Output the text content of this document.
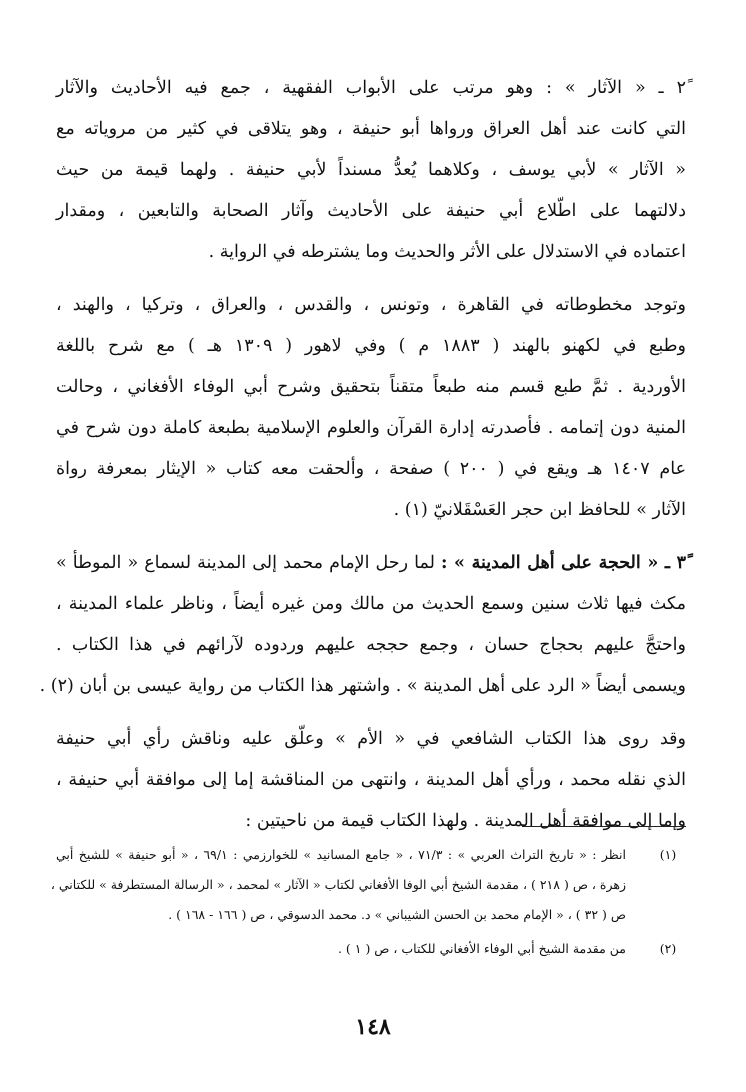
٢ً ـ « الآثار » : وهو مرتب على الأبواب الفقهية ، جمع فيه الأحاديث والآثار
التي كانت عند أهل العراق ورواها أبو حنيفة ، وهو يتلاقى في كثير من مروياته مع
« الآثار » لأبي يوسف ، وكلاهما يُعدُّ مسنداً لأبي حنيفة . ولهما قيمة من حيث
دلالتهما على اطّلاع أبي حنيفة على الأحاديث وآثار الصحابة والتابعين ، ومقدار
اعتماده في الاستدلال على الأثر والحديث وما يشترطه في الرواية .
وتوجد مخطوطاته في القاهرة ، وتونس ، والقدس ، والعراق ، وتركيا ، والهند ،
وطبع في لكهنو بالهند ( ١٨٨٣ م ) وفي لاهور ( ١٣٠٩ هـ ) مع شرح باللغة
الأوردية . ثمَّ طبع قسم منه طبعاً متقناً بتحقيق وشرح أبي الوفاء الأفغاني ، وحالت
المنية دون إتمامه . فأصدرته إدارة القرآن والعلوم الإسلامية بطبعة كاملة دون شرح في
عام ١٤٠٧ هـ ويقع في ( ٢٠٠ ) صفحة ، وألحقت معه كتاب « الإيثار بمعرفة رواة
الآثار » للحافظ ابن حجر العَسْقَلانيّ (١) .
٣ً ـ « الحجة على أهل المدينة » : لما رحل الإمام محمد إلى المدينة لسماع « الموطأ »
مكث فيها ثلاث سنين وسمع الحديث من مالك ومن غيره أيضاً ، وناظر علماء المدينة ،
واحتجَّ عليهم بحجاج حسان ، وجمع حججه عليهم وردوده لآرائهم في هذا الكتاب .
ويسمى أيضاً « الرد على أهل المدينة » . واشتهر هذا الكتاب من رواية عيسى بن أبان (٢) .
وقد روى هذا الكتاب الشافعي في « الأم » وعلّق عليه وناقش رأي أبي حنيفة
الذي نقله محمد ، ورأي أهل المدينة ، وانتهى من المناقشة إما إلى موافقة أبي حنيفة ،
وإما إلى موافقة أهل المدينة . ولهذا الكتاب قيمة من ناحيتين :
(١)
انظر : « تاريخ التراث العربي » : ٧١/٣ ، « جامع المسانيد » للخوارزمي : ٦٩/١ ، « أبو حنيفة » للشيخ أبي
زهرة ، ص ( ٢١٨ ) ، مقدمة الشيخ أبي الوفا الأفغاني لكتاب « الآثار » لمحمد ، « الرسالة المستطرفة » للكتاني ،
ص ( ٣٢ ) ، « الإمام محمد بن الحسن الشيباني » د. محمد الدسوقي ، ص ( ١٦٦ - ١٦٨ ) .
(٢)
من مقدمة الشيخ أبي الوفاء الأفغاني للكتاب ، ص ( ١ ) .
١٤٨
